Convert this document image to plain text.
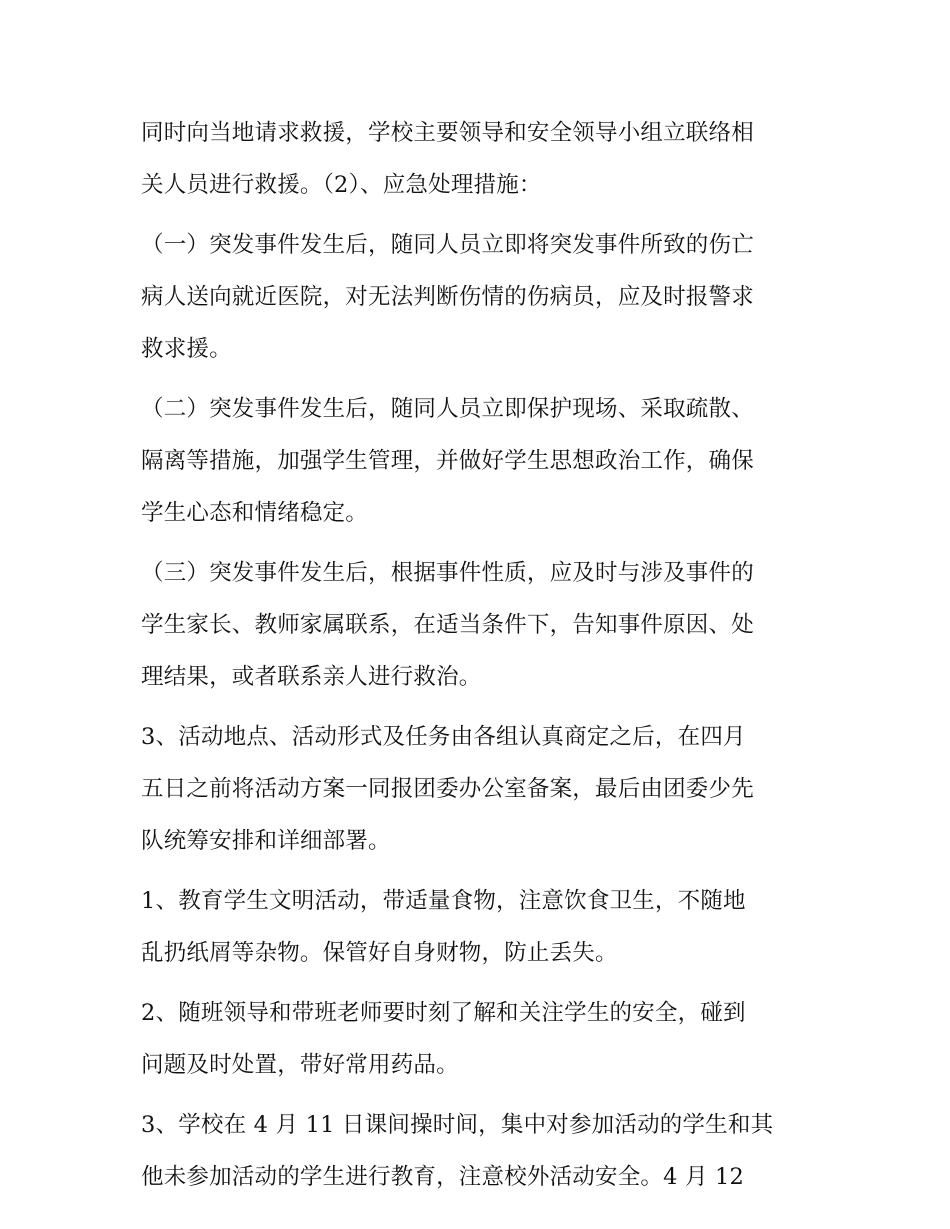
同时向当地请求救援，学校主要领导和安全领导小组立联络相
关人员进行救援。（2）、应急处理措施：

（一）突发事件发生后，随同人员立即将突发事件所致的伤亡
病人送向就近医院，对无法判断伤情的伤病员，应及时报警求
救求援。

（二）突发事件发生后，随同人员立即保护现场、采取疏散、
隔离等措施，加强学生管理，并做好学生思想政治工作，确保
学生心态和情绪稳定。

（三）突发事件发生后，根据事件性质，应及时与涉及事件的
学生家长、教师家属联系，在适当条件下，告知事件原因、处
理结果，或者联系亲人进行救治。

3、活动地点、活动形式及任务由各组认真商定之后，在四月
五日之前将活动方案一同报团委办公室备案，最后由团委少先
队统筹安排和详细部署。

1、教育学生文明活动，带适量食物，注意饮食卫生，不随地
乱扔纸屑等杂物。保管好自身财物，防止丢失。

2、随班领导和带班老师要时刻了解和关注学生的安全，碰到
问题及时处置，带好常用药品。

3、学校在 4 月 11 日课间操时间，集中对参加活动的学生和其
他未参加活动的学生进行教育，注意校外活动安全。4 月 12
